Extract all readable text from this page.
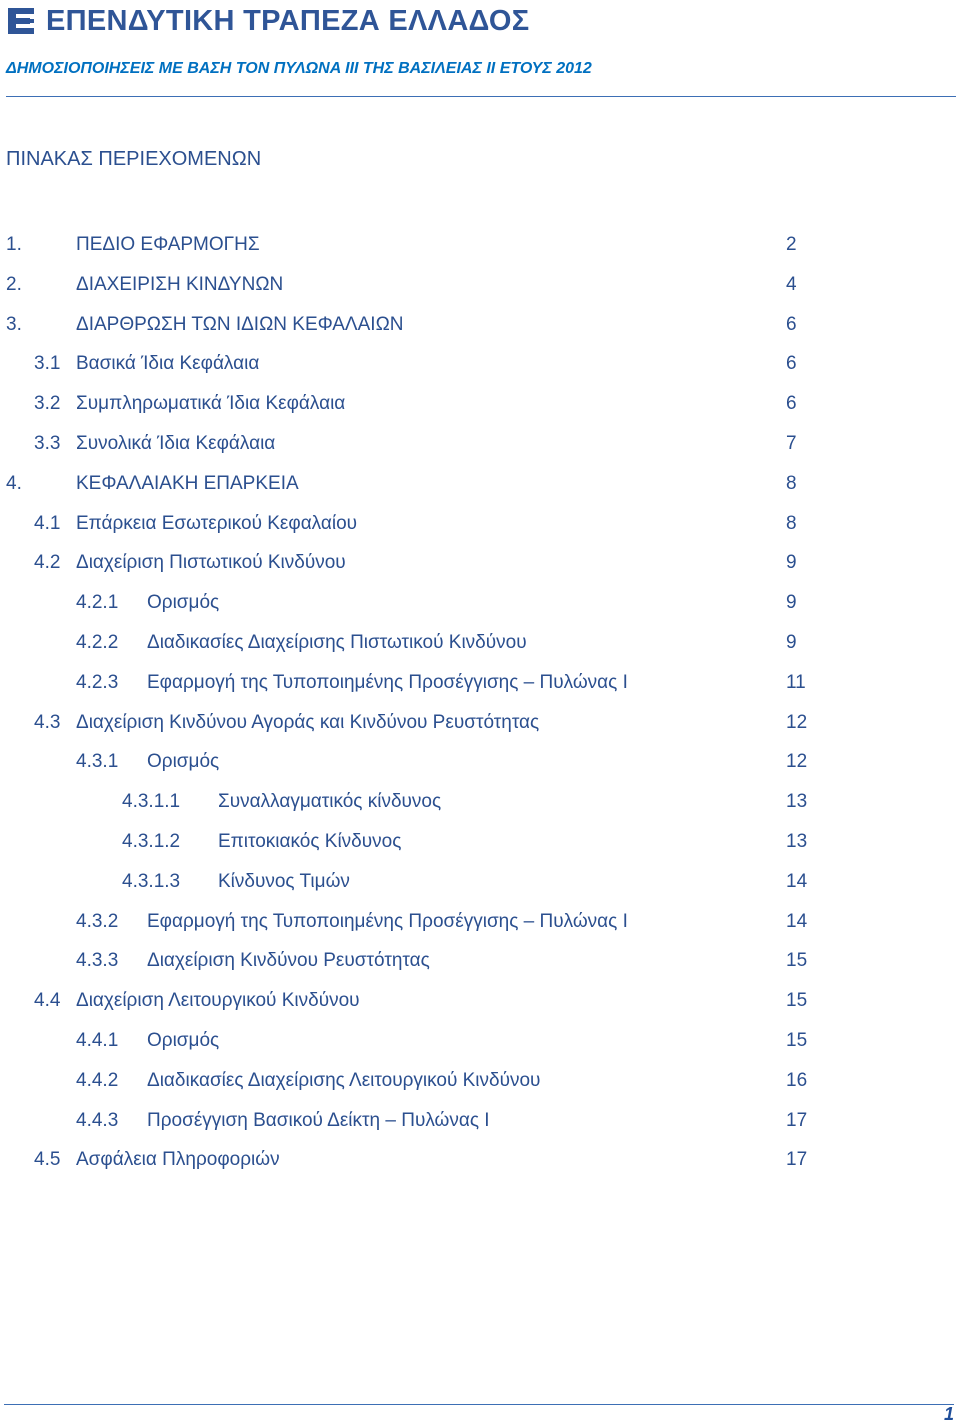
ΕΠΕΝΔΥΤΙΚΗ ΤΡΑΠΕΖΑ ΕΛΛΑΔΟΣ
ΔΗΜΟΣΙΟΠΟΙΗΣΕΙΣ ΜΕ ΒΑΣΗ ΤΟΝ ΠΥΛΩΝΑ ΙΙΙ ΤΗΣ ΒΑΣΙΛΕΙΑΣ ΙΙ ΕΤΟΥΣ 2012
ΠΙΝΑΚΑΣ ΠΕΡΙΕΧΟΜΕΝΩΝ
1.	ΠΕΔΙΟ ΕΦΑΡΜΟΓΗΣ	2
2.	ΔΙΑΧΕΙΡΙΣΗ ΚΙΝΔΥΝΩΝ	4
3.	ΔΙΑΡΘΡΩΣΗ ΤΩΝ ΙΔΙΩΝ ΚΕΦΑΛΑΙΩΝ	6
3.1 Βασικά Ίδια Κεφάλαια	6
3.2 Συμπληρωματικά Ίδια Κεφάλαια	6
3.3 Συνολικά Ίδια Κεφάλαια	7
4.	ΚΕΦΑΛΑΙΑΚΗ ΕΠΑΡΚΕΙΑ	8
4.1 Επάρκεια Εσωτερικού Κεφαλαίου	8
4.2 Διαχείριση Πιστωτικού Κινδύνου	9
4.2.1 Ορισμός	9
4.2.2 Διαδικασίες Διαχείρισης Πιστωτικού Κινδύνου	9
4.2.3 Εφαρμογή της Τυποποιημένης Προσέγγισης – Πυλώνας Ι	11
4.3 Διαχείριση Κινδύνου Αγοράς και Κινδύνου Ρευστότητας	12
4.3.1 Ορισμός	12
4.3.1.1 Συναλλαγματικός κίνδυνος	13
4.3.1.2 Επιτοκιακός Κίνδυνος	13
4.3.1.3 Κίνδυνος Τιμών	14
4.3.2 Εφαρμογή της Τυποποιημένης Προσέγγισης – Πυλώνας Ι	14
4.3.3 Διαχείριση Κινδύνου Ρευστότητας	15
4.4 Διαχείριση Λειτουργικού Κινδύνου	15
4.4.1 Ορισμός	15
4.4.2 Διαδικασίες Διαχείρισης Λειτουργικού Κινδύνου	16
4.4.3 Προσέγγιση Βασικού Δείκτη – Πυλώνας Ι	17
4.5 Ασφάλεια Πληροφοριών	17
1
